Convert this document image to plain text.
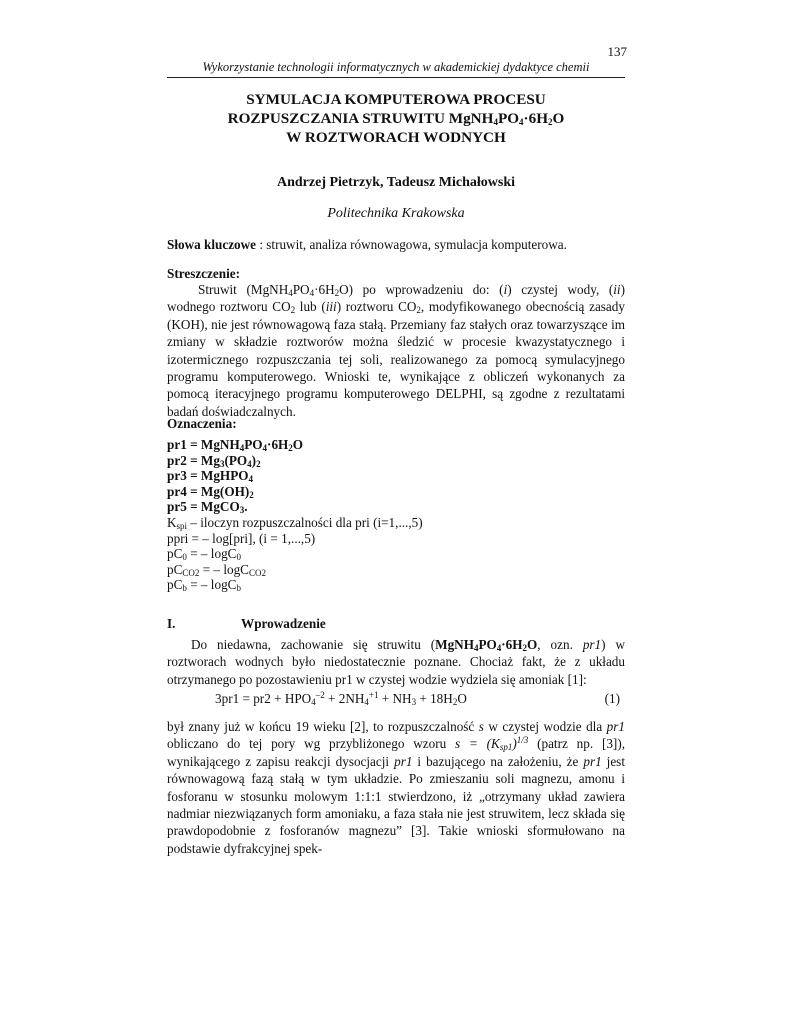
137
Wykorzystanie technologii informatycznych w akademickiej dydaktyce chemii
SYMULACJA KOMPUTEROWA PROCESU
ROZPUSZCZANIA STRUWITU $MgNH_4PO_4\cdot 6H_2O$
W ROZTWORACH WODNYCH
Andrzej Pietrzyk, Tadeusz Michałowski
Politechnika Krakowska
Słowa kluczowe : struwit, analiza równowagowa, symulacja komputerowa.
Streszczenie:

Struwit $(MgNH_4PO_4\cdot 6H_2O)$ po wprowadzeniu do: (i) czystej wody, (ii) wodnego roztworu $CO_2$ lub (iii) roztworu $CO_2$, modyfikowanego obecnością zasady (KOH), nie jest równowagową faza stałą. Przemiany faz stałych oraz towarzyszące im zmiany w składzie roztworów można śledzić w procesie kwazystatycznego i izotermicznego rozpuszczania tej soli, realizowanego za pomocą symulacyjnego programu komputerowego. Wnioski te, wynikające z obliczeń wykonanych za pomocą iteracyjnego programu komputerowego DELPHI, są zgodne z rezultatami badań doświadczalnych.

Oznaczenia:
$pr1 = MgNH_4PO_4\cdot 6H_2O$
$pr2 = Mg_3(PO_4)_2$
pr3 = MgHPO$_4$
$pr4 = Mg(OH)_2$
pr5 = MgCO$_3$.
$K_{spi}$ – iloczyn rozpuszczalności dla pri (i=1,...,5)
ppri = – log[pri], (i = 1,...,5)
$pC_0$ = – logC$_0$
$pC_{CO2}$ = – logC$_{CO2}$
$pC_b$ = – logC$_b$
I.	Wprowadzenie

Do niedawna, zachowanie się struwitu ($MgNH_4PO_4\cdot 6H_2O$, ozn. pr1) w roztworach wodnych było niedostatecznie poznane. Chociaż fakt, że z układu otrzymanego po pozostawieniu pr1 w czystej wodzie wydziela się amoniak [1]:

$3pr1 = pr2 + HPO_4^{-2} + 2NH_4^{+1} + NH_3 + 18H_2O$	(1)

był znany już w końcu 19 wieku [2], to rozpuszczalność s w czystej wodzie dla pr1 obliczano do tej pory wg przybliżonego wzoru $s = (K_{sp1})^{1/3}$ (patrz np. [3]), wynikającego z zapisu reakcji dysocjacji pr1 i bazującego na założeniu, że pr1 jest równowagową fazą stałą w tym układzie. Po zmieszaniu soli magnezu, amonu i fosforanu w stosunku molowym 1:1:1 stwierdzono, iż „otrzymany układ zawiera nadmiar niezwiązanych form amoniaku, a faza stała nie jest struwitem, lecz składa się prawdopodobnie z fosforanów magnezu” [3]. Takie wnioski sformułowano na podstawie dyfrakcyjnej spek-
